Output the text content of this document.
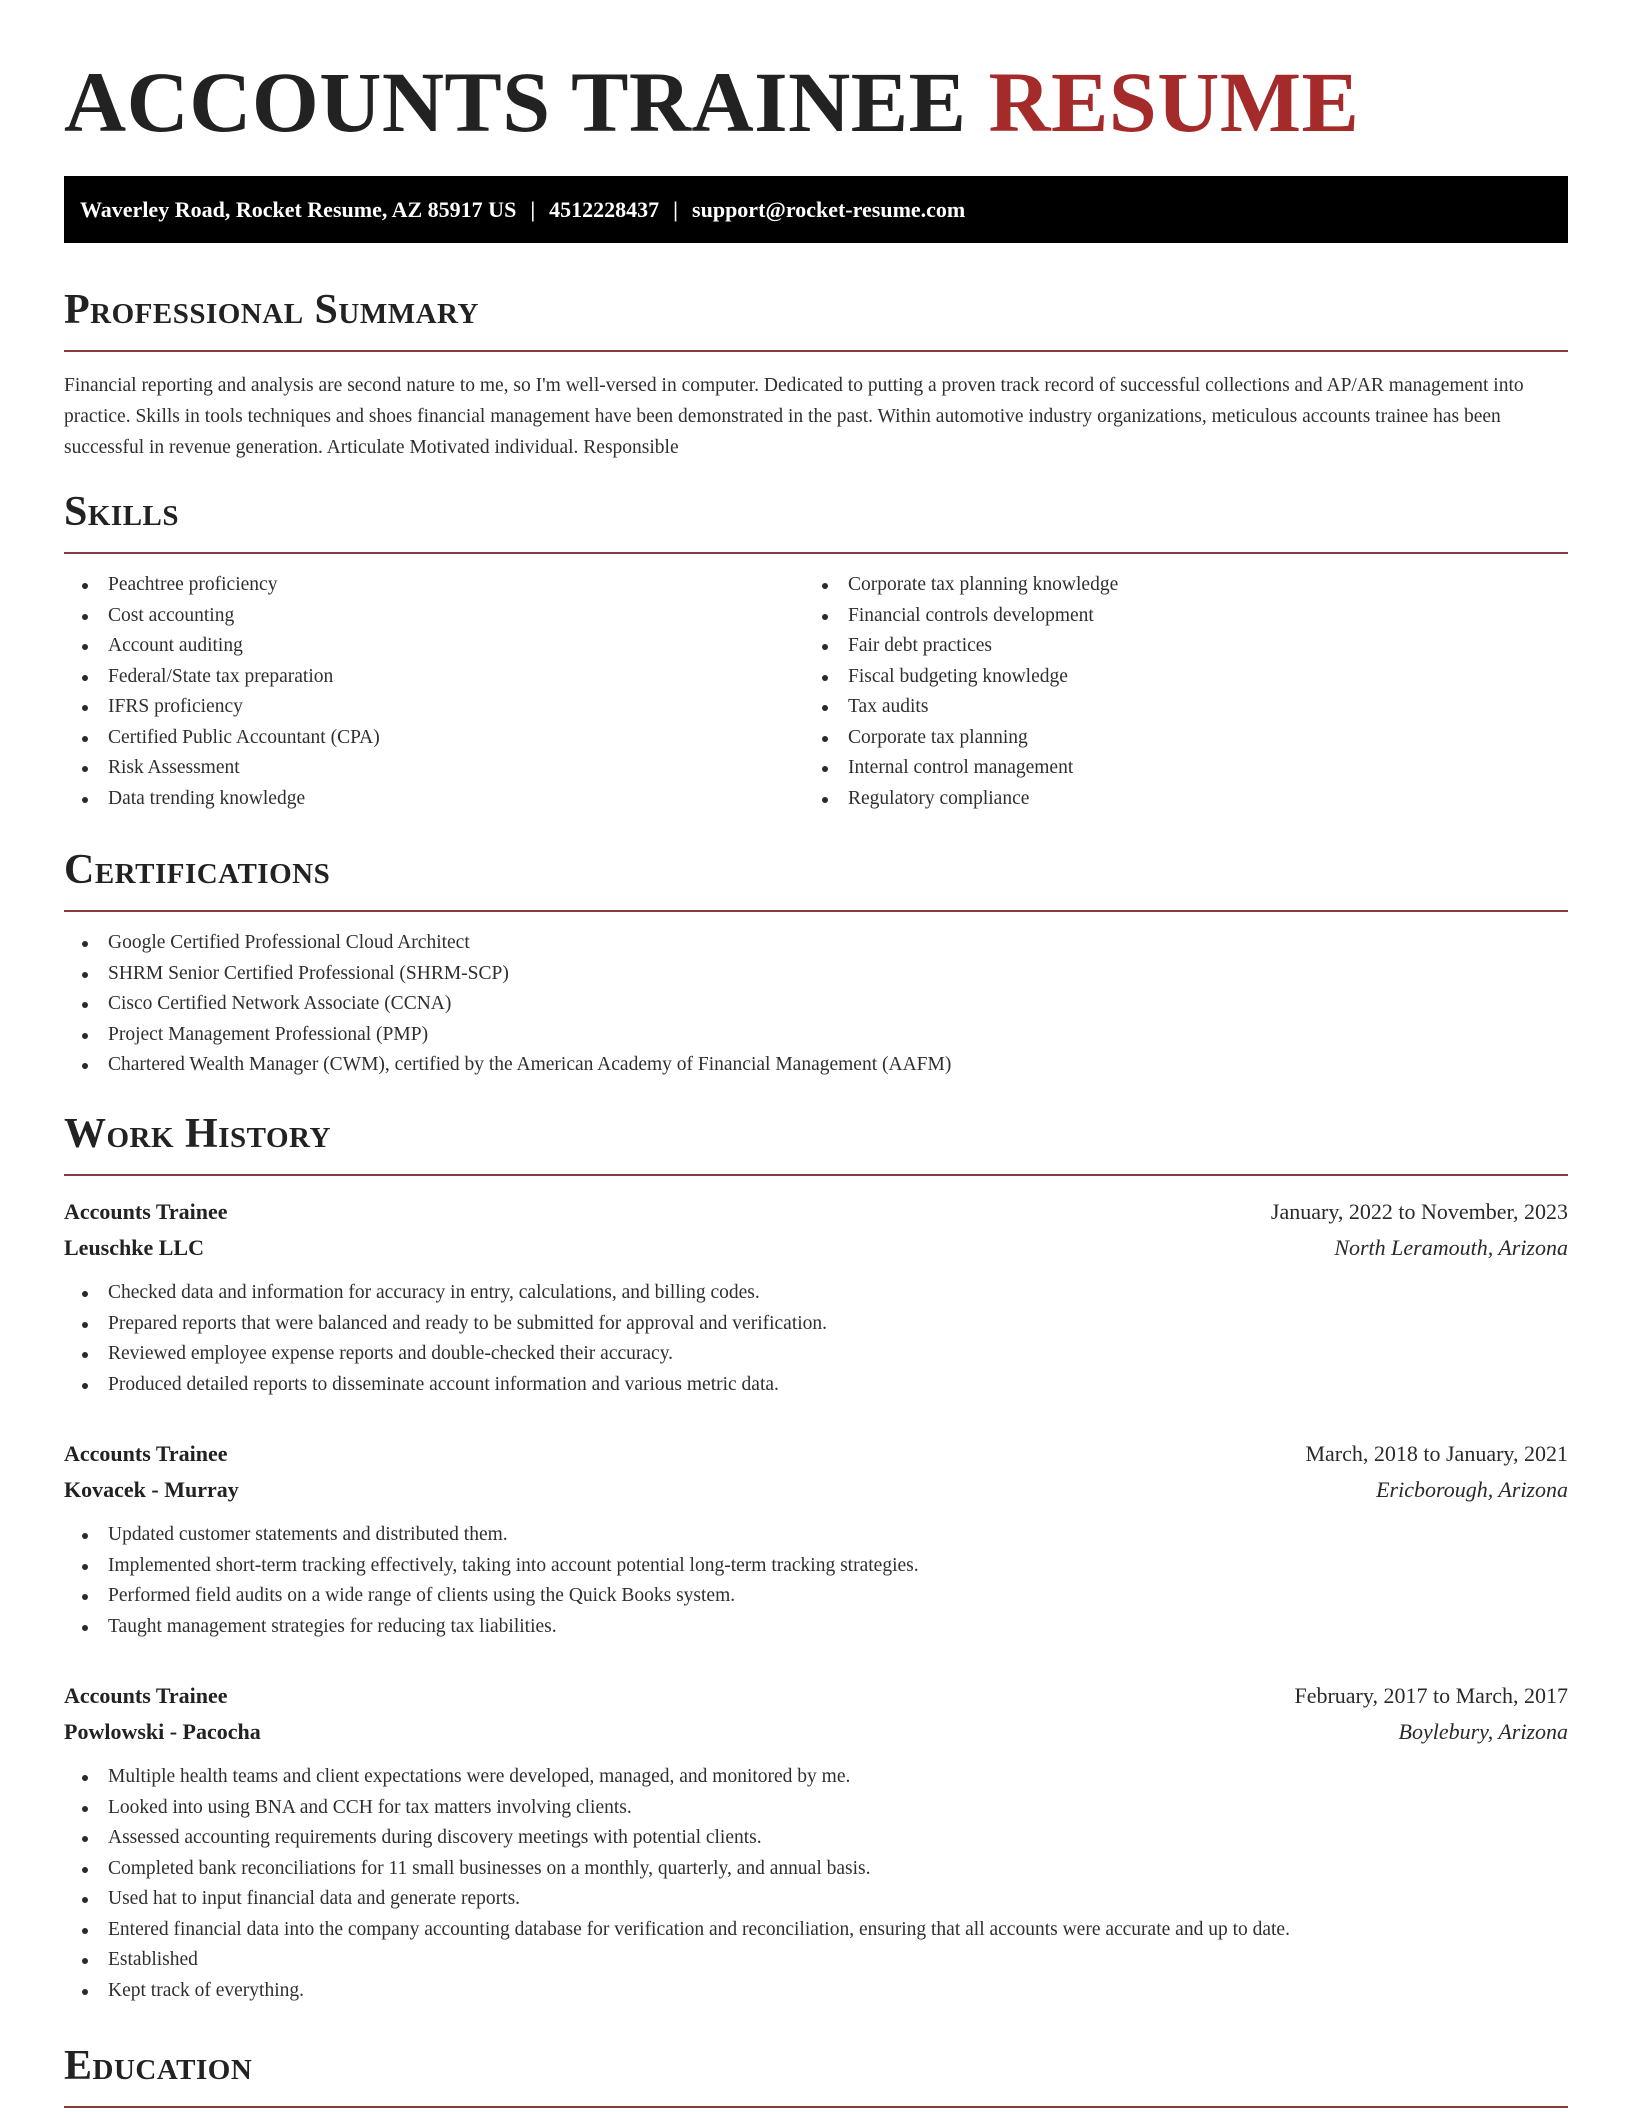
ACCOUNTS TRAINEE RESUME
Waverley Road, Rocket Resume, AZ 85917 US | 4512228437 | support@rocket-resume.com
Professional Summary

Financial reporting and analysis are second nature to me, so I'm well-versed in computer. Dedicated to putting a proven track record of successful collections and AP/AR management into practice. Skills in tools techniques and shoes financial management have been demonstrated in the past. Within automotive industry organizations, meticulous accounts trainee has been successful in revenue generation. Articulate Motivated individual. Responsible

Skills
Peachtree proficiency
Cost accounting
Account auditing
Federal/State tax preparation
IFRS proficiency
Certified Public Accountant (CPA)
Risk Assessment
Data trending knowledge
Corporate tax planning knowledge
Financial controls development
Fair debt practices
Fiscal budgeting knowledge
Tax audits
Corporate tax planning
Internal control management
Regulatory compliance
Certifications
Google Certified Professional Cloud Architect
SHRM Senior Certified Professional (SHRM-SCP)
Cisco Certified Network Associate (CCNA)
Project Management Professional (PMP)
Chartered Wealth Manager (CWM), certified by the American Academy of Financial Management (AAFM)
Work History
Accounts Trainee	January, 2022 to November, 2023
Leuschke LLC	North Leramouth, Arizona
Checked data and information for accuracy in entry, calculations, and billing codes.
Prepared reports that were balanced and ready to be submitted for approval and verification.
Reviewed employee expense reports and double-checked their accuracy.
Produced detailed reports to disseminate account information and various metric data.
Accounts Trainee	March, 2018 to January, 2021
Kovacek - Murray	Ericborough, Arizona
Updated customer statements and distributed them.
Implemented short-term tracking effectively, taking into account potential long-term tracking strategies.
Performed field audits on a wide range of clients using the Quick Books system.
Taught management strategies for reducing tax liabilities.
Accounts Trainee	February, 2017 to March, 2017
Powlowski - Pacocha	Boylebury, Arizona
Multiple health teams and client expectations were developed, managed, and monitored by me.
Looked into using BNA and CCH for tax matters involving clients.
Assessed accounting requirements during discovery meetings with potential clients.
Completed bank reconciliations for 11 small businesses on a monthly, quarterly, and annual basis.
Used hat to input financial data and generate reports.
Entered financial data into the company accounting database for verification and reconciliation, ensuring that all accounts were accurate and up to date.
Established
Kept track of everything.
Education
